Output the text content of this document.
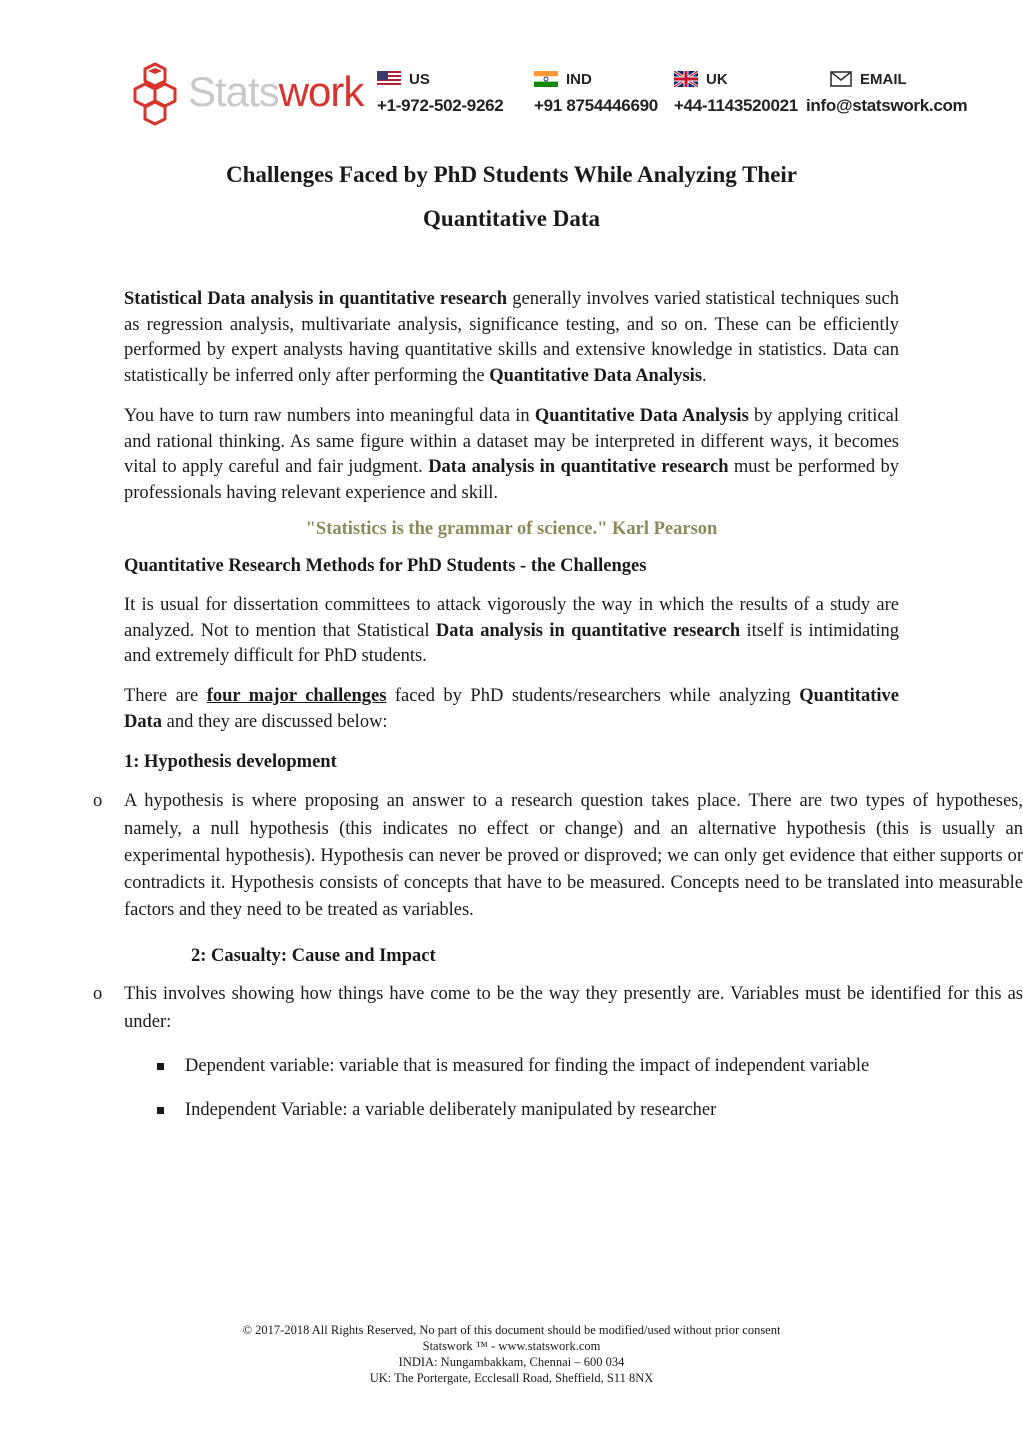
Statswork	US
+1-972-502-9262
IND
+91 8754446690
UK
+44-1143520021
EMAIL
info@statswork.com
Challenges Faced by PhD Students While Analyzing Their
Quantitative Data

Statistical Data analysis in quantitative research generally involves varied statistical techniques such as regression analysis, multivariate analysis, significance testing, and so on. These can be efficiently performed by expert analysts having quantitative skills and extensive knowledge in statistics. Data can statistically be inferred only after performing the Quantitative Data Analysis.

You have to turn raw numbers into meaningful data in Quantitative Data Analysis by applying critical and rational thinking. As same figure within a dataset may be interpreted in different ways, it becomes vital to apply careful and fair judgment. Data analysis in quantitative research must be performed by professionals having relevant experience and skill.

"Statistics is the grammar of science." Karl Pearson

Quantitative Research Methods for PhD Students - the Challenges

It is usual for dissertation committees to attack vigorously the way in which the results of a study are analyzed. Not to mention that Statistical Data analysis in quantitative research itself is intimidating and extremely difficult for PhD students.

There are four major challenges faced by PhD students/researchers while analyzing Quantitative Data and they are discussed below:

1: Hypothesis development

o A hypothesis is where proposing an answer to a research question takes place. There are two types of hypotheses, namely, a null hypothesis (this indicates no effect or change) and an alternative hypothesis (this is usually an experimental hypothesis). Hypothesis can never be proved or disproved; we can only get evidence that either supports or contradicts it. Hypothesis consists of concepts that have to be measured. Concepts need to be translated into measurable factors and they need to be treated as variables.

2: Casualty: Cause and Impact

o This involves showing how things have come to be the way they presently are. Variables must be identified for this as under:
Dependent variable: variable that is measured for finding the impact of independent variable
Independent Variable: a variable deliberately manipulated by researcher
© 2017-2018 All Rights Reserved, No part of this document should be modified/used without prior consent
Statswork ™ - www.statswork.com
INDIA: Nungambakkam, Chennai – 600 034
UK: The Portergate, Ecclesall Road, Sheffield, S11 8NX
